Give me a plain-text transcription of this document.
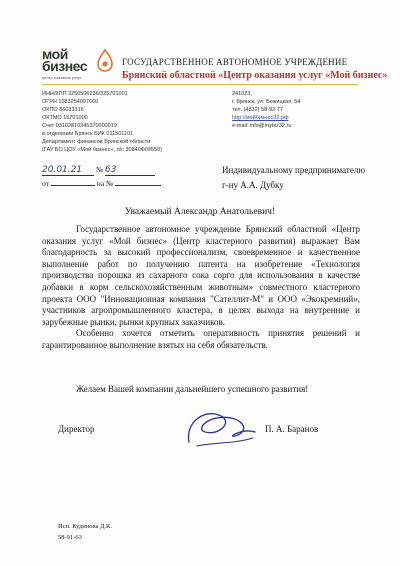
мой
бизнес
центр оказания услуг
ГОСУДАРСТВЕННОЕ АВТОНОМНОЕ УЧРЕЖДЕНИЕ
Брянский областной «Центр оказания услуг «Мой бизнес»
ИНН/КПП 3250506236/325701001
ОГРН 1083254007660
ОКПО 86033316
ОКТМО 15701000
Счет 03102810245370000019
в отделении Брянск БИК 011501101
Департамент финансов Брянской области
(ГАУ БО ЦОУ «Мой бизнес», л/с 30840Ф09550)
241023,
г. Брянск, ул. Бежицкая, 54
тел. (4832) 58-92-77
http://мойбизнес32.рф
e-mail: info@mybiz32.ru
20.01.21 № 63
от	на №
Индивидуальному предпринимателю
г-ну А.А. Дубку
Уважаемый Александр Анатольевич!

Государственное автономное учреждение Брянский областной «Центр оказания услуг «Мой бизнес» (Центр кластерного развития) выражает Вам благодарность за высокий профессионализм, своевременное и качественное выполнение работ по получению патента на изобретение «Технология производства порошка из сахарного сока сорго для использования в качестве добавки в корм сельскохозяйственным животным» совместного кластерного проекта ООО "Инновационная компания "Сателлит-М" и ООО «Экокремний», участников агропромышленного кластера, в целях выхода на внутренние и зарубежные рынки, рынки крупных заказчиков.

Особенно хочется отметить оперативность принятия решений и гарантированное выполнение взятых на себя обязательств.

Желаем Вашей компании дальнейшего успешного развития!
Директор	П. А. Баранов
Исп. Кудинова Д.К.
58-91-63
